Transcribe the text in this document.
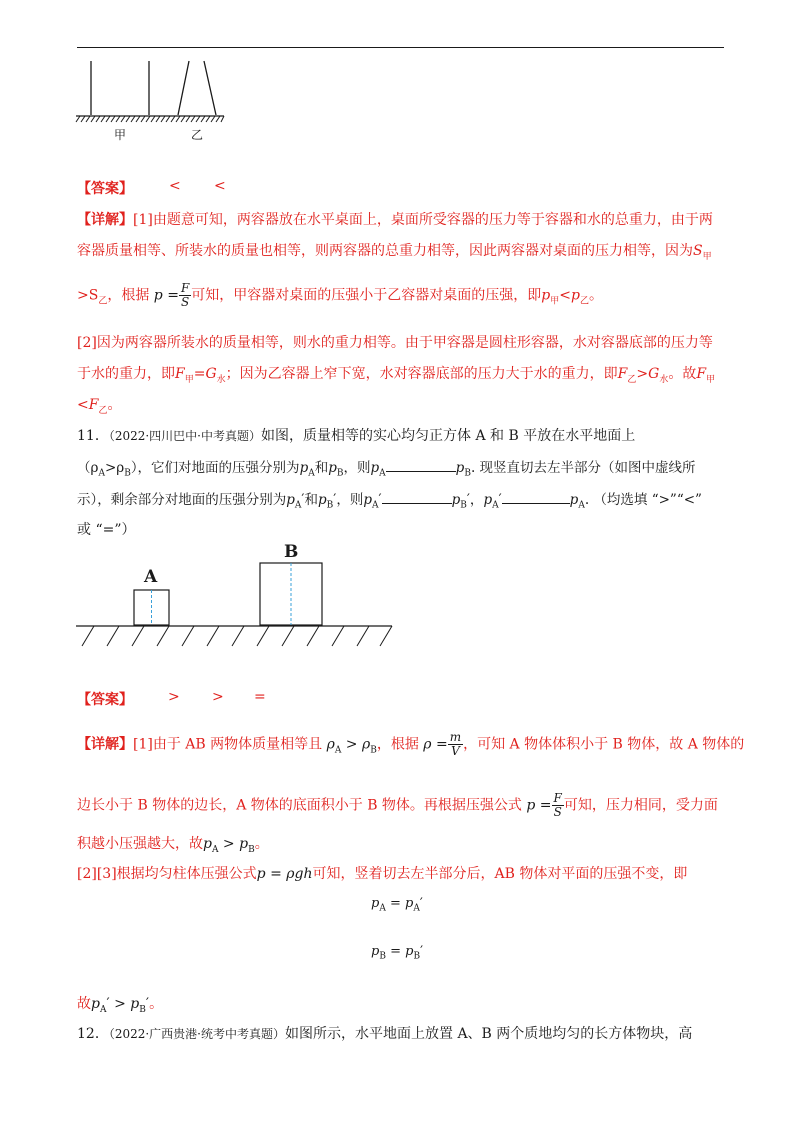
甲	乙
【答案】	< <
【详解】[1]由题意可知，两容器放在水平桌面上，桌面所受容器的压力等于容器和水的总重力，由于两
容器质量相等、所装水的质量也相等，则两容器的总重力相等，因此两容器对桌面的压力相等，因为$S_甲$
$>S_乙$，根据 $p = \frac{F}{S}$ 可知，甲容器对桌面的压强小于乙容器对桌面的压强，即$p_甲<p_乙$。
[2]因为两容器所装水的质量相等，则水的重力相等。由于甲容器是圆柱形容器，水对容器底部的压力等
于水的重力，即$F_甲=G_水$；因为乙容器上窄下宽，水对容器底部的压力大于水的重力，即$F_乙>G_水$。故$F_甲$
$<F_乙$。
11．（2022·四川巴中·中考真题）如图，质量相等的实心均匀正方体 A 和 B 平放在水平地面上
$(\rho_A>\rho_B)$，它们对地面的压强分别为$p_A$和$p_B$，则$p_A$	$p_B$. 现竖直切去左半部分（如图中虚线所
示），剩余部分对地面的压强分别为$p_A'$和$p_B'$，则$p_A'$	$p_B'$，$p_A'$	$p_A$. （均选填 “>”“<”
或 “=”）
A
B
【答案】	> > =
【详解】[1]由于 AB 两物体质量相等且 $\rho_A > \rho_B$，根据 $\rho = \frac{m}{V}$ ，可知 A 物体体积小于 B 物体，故 A 物体的
边长小于 B 物体的边长，A 物体的底面积小于 B 物体。再根据压强公式 $p = \frac{F}{S}$ 可知，压力相同，受力面
积越小压强越大，故$p_A > p_B$。
[2][3]根据均匀柱体压强公式p = ρgh可知，竖着切去左半部分后，AB 物体对平面的压强不变，即
$p_A = p_A'$
$p_B = p_B'$
故$p_A' > p_B'$。
12．（2022·广西贵港·统考中考真题）如图所示，水平地面上放置 A、B 两个质地均匀的长方体物块，高
